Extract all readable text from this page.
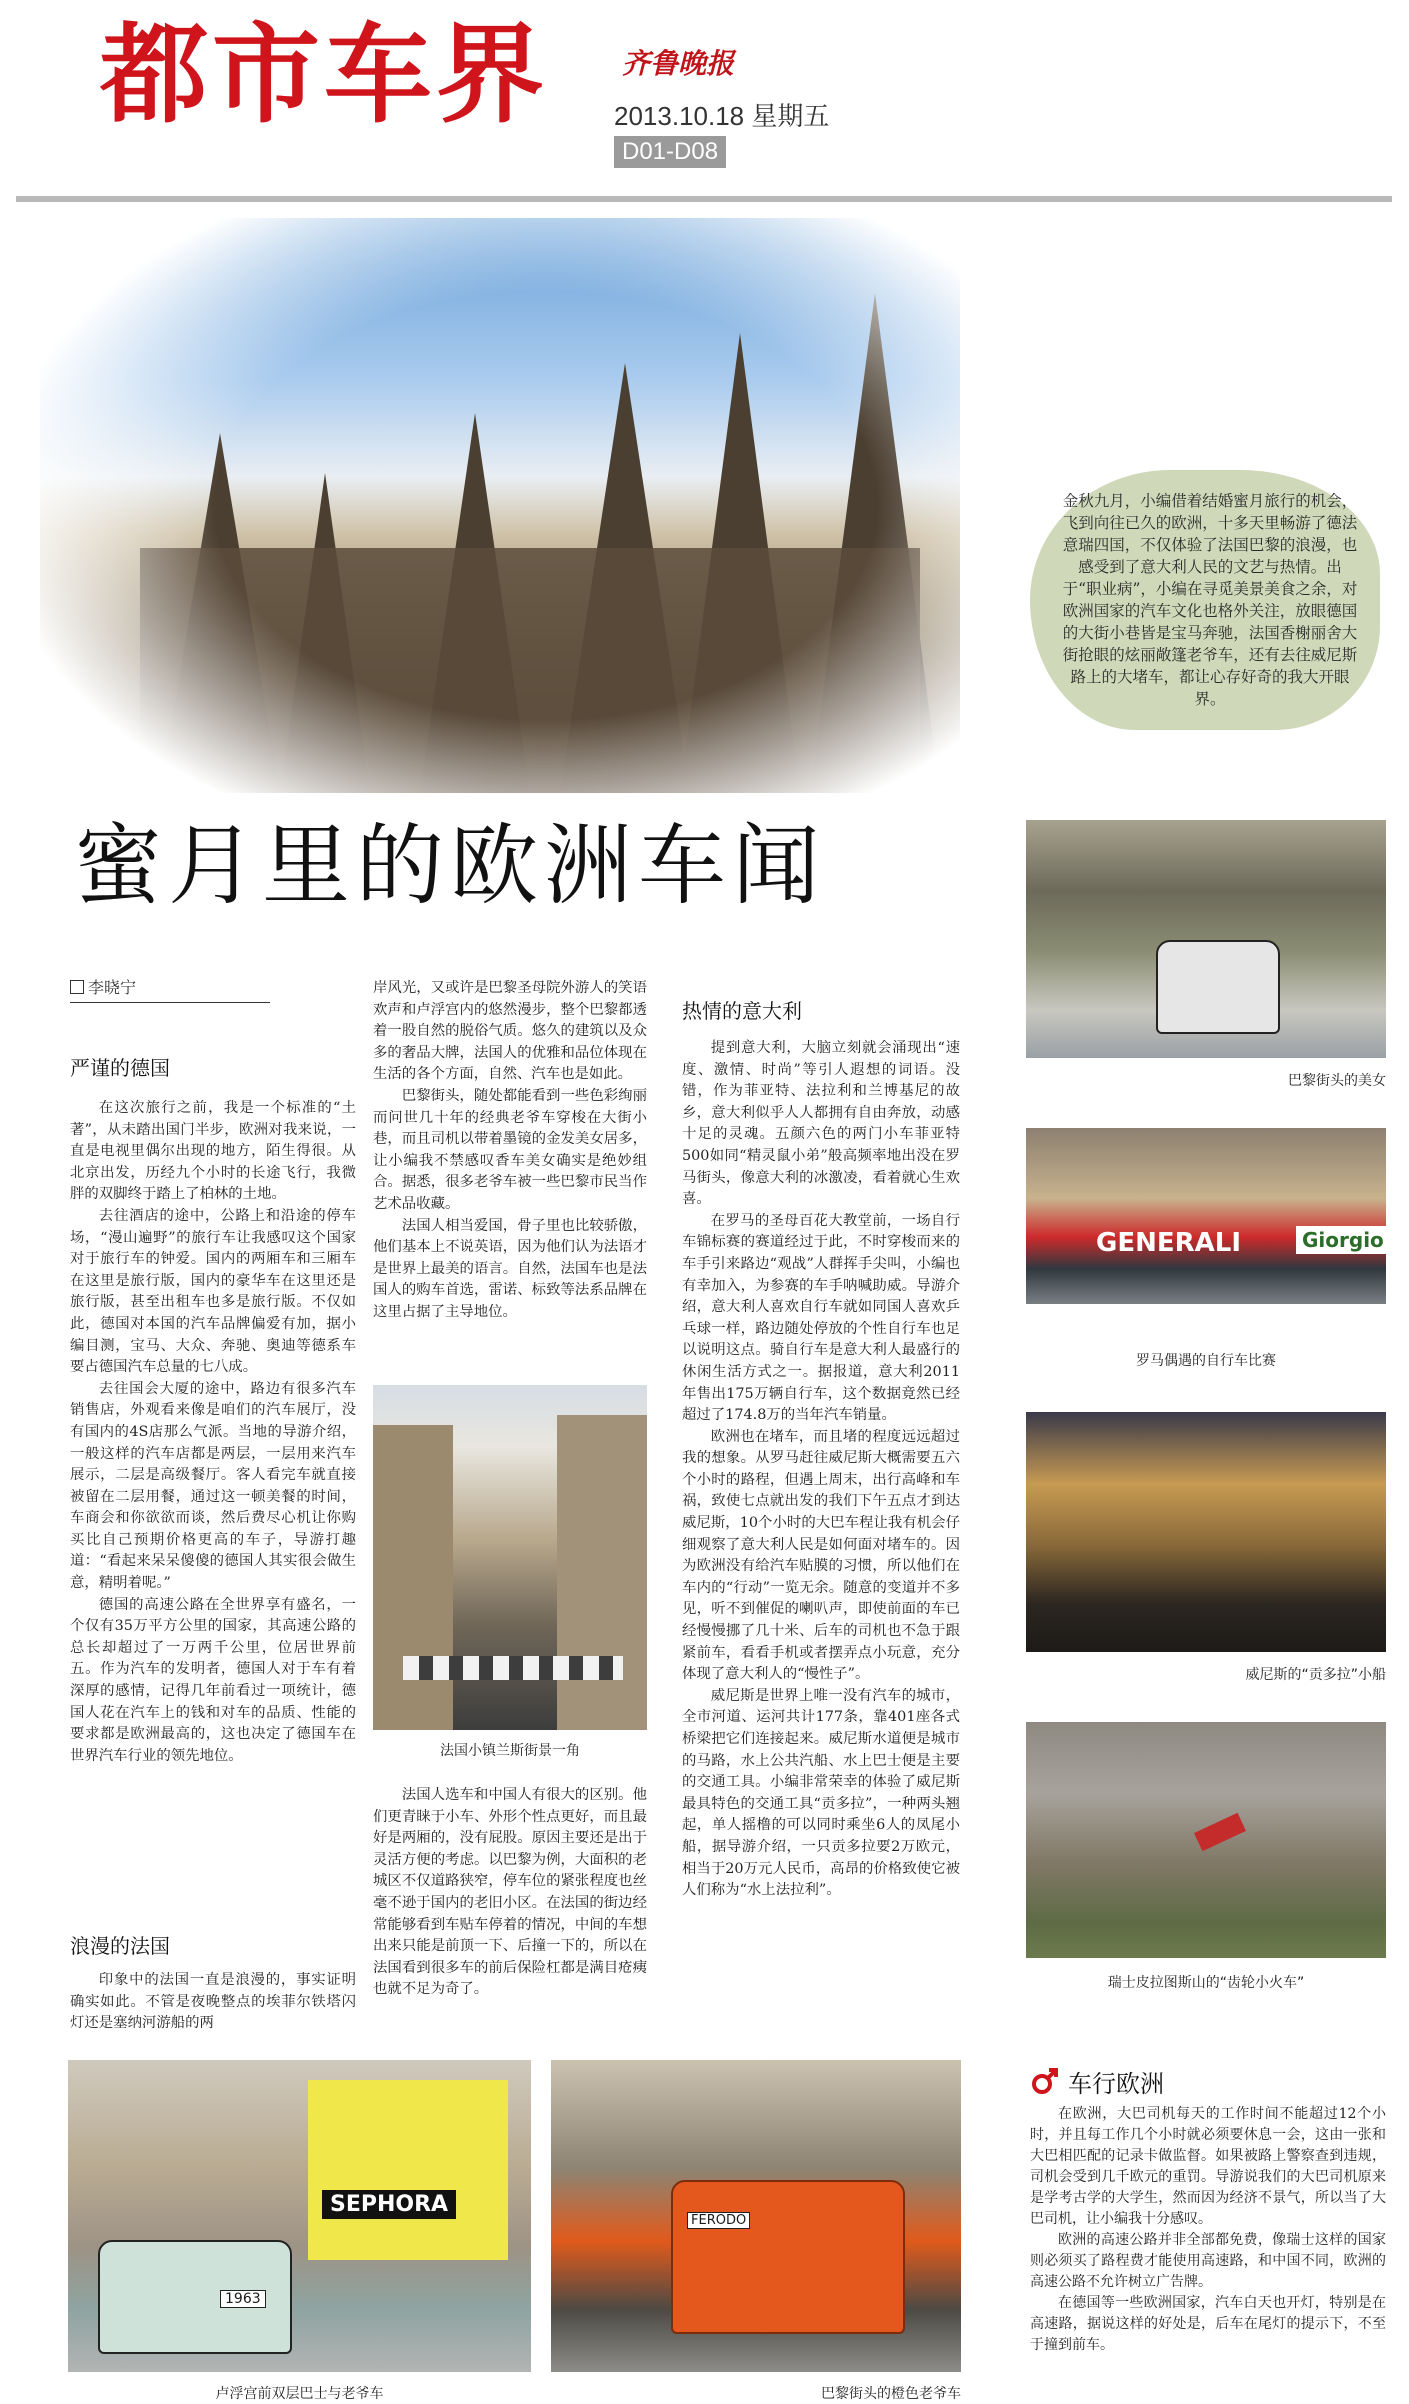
都市车界	齐鲁晚报
2013.10.18 星期五
D01-D08
金秋九月，小编借着结婚蜜月旅行的机会，飞到向往已久的欧洲，十多天里畅游了德法意瑞四国，不仅体验了法国巴黎的浪漫，也感受到了意大利人民的文艺与热情。出于“职业病”，小编在寻觅美景美食之余，对欧洲国家的汽车文化也格外关注，放眼德国的大街小巷皆是宝马奔驰，法国香榭丽舍大街抢眼的炫丽敞篷老爷车，还有去往威尼斯路上的大堵车，都让心存好奇的我大开眼界。
蜜月里的欧洲车闻
李晓宁
严谨的德国

在这次旅行之前，我是一个标准的“土著”，从未踏出国门半步，欧洲对我来说，一直是电视里偶尔出现的地方，陌生得很。从北京出发，历经九个小时的长途飞行，我微胖的双脚终于踏上了柏林的土地。

去往酒店的途中，公路上和沿途的停车场，“漫山遍野”的旅行车让我感叹这个国家对于旅行车的钟爱。国内的两厢车和三厢车在这里是旅行版，国内的豪华车在这里还是旅行版，甚至出租车也多是旅行版。不仅如此，德国对本国的汽车品牌偏爱有加，据小编目测，宝马、大众、奔驰、奥迪等德系车要占德国汽车总量的七八成。

去往国会大厦的途中，路边有很多汽车销售店，外观看来像是咱们的汽车展厅，没有国内的4S店那么气派。当地的导游介绍，一般这样的汽车店都是两层，一层用来汽车展示，二层是高级餐厅。客人看完车就直接被留在二层用餐，通过这一顿美餐的时间，车商会和你欲欲而谈，然后费尽心机让你购买比自己预期价格更高的车子，导游打趣道：“看起来呆呆傻傻的德国人其实很会做生意，精明着呢。”

德国的高速公路在全世界享有盛名，一个仅有35万平方公里的国家，其高速公路的总长却超过了一万两千公里，位居世界前五。作为汽车的发明者，德国人对于车有着深厚的感情，记得几年前看过一项统计，德国人花在汽车上的钱和对车的品质、性能的要求都是欧洲最高的，这也决定了德国车在世界汽车行业的领先地位。

浪漫的法国

印象中的法国一直是浪漫的，事实证明确实如此。不管是夜晚整点的埃菲尔铁塔闪灯还是塞纳河游船的两

岸风光，又或许是巴黎圣母院外游人的笑语欢声和卢浮宫内的悠然漫步，整个巴黎都透着一股自然的脱俗气质。悠久的建筑以及众多的奢品大牌，法国人的优雅和品位体现在生活的各个方面，自然、汽车也是如此。

巴黎街头，随处都能看到一些色彩绚丽而问世几十年的经典老爷车穿梭在大街小巷，而且司机以带着墨镜的金发美女居多，让小编我不禁感叹香车美女确实是绝妙组合。据悉，很多老爷车被一些巴黎市民当作艺术品收藏。

法国人相当爱国，骨子里也比较骄傲，他们基本上不说英语，因为他们认为法语才是世界上最美的语言。自然，法国车也是法国人的购车首选，雷诺、标致等法系品牌在这里占据了主导地位。

法国小镇兰斯街景一角

法国人选车和中国人有很大的区别。他们更青睐于小车、外形个性点更好，而且最好是两厢的，没有屁股。原因主要还是出于灵活方便的考虑。以巴黎为例，大面积的老城区不仅道路狭窄，停车位的紧张程度也丝毫不逊于国内的老旧小区。在法国的街边经常能够看到车贴车停着的情况，中间的车想出来只能是前顶一下、后撞一下的，所以在法国看到很多车的前后保险杠都是满目疮痍也就不足为奇了。

热情的意大利

提到意大利，大脑立刻就会涌现出“速度、激情、时尚”等引人遐想的词语。没错，作为菲亚特、法拉利和兰博基尼的故乡，意大利似乎人人都拥有自由奔放，动感十足的灵魂。五颜六色的两门小车菲亚特500如同“精灵鼠小弟”般高频率地出没在罗马街头，像意大利的冰激凌，看着就心生欢喜。

在罗马的圣母百花大教堂前，一场自行车锦标赛的赛道经过于此，不时穿梭而来的车手引来路边“观战”人群挥手尖叫，小编也有幸加入，为参赛的车手呐喊助威。导游介绍，意大利人喜欢自行车就如同国人喜欢乒乓球一样，路边随处停放的个性自行车也足以说明这点。骑自行车是意大利人最盛行的休闲生活方式之一。据报道，意大利2011年售出175万辆自行车，这个数据竟然已经超过了174.8万的当年汽车销量。

欧洲也在堵车，而且堵的程度远远超过我的想象。从罗马赶往威尼斯大概需要五六个小时的路程，但遇上周末，出行高峰和车祸，致使七点就出发的我们下午五点才到达威尼斯，10个小时的大巴车程让我有机会仔细观察了意大利人民是如何面对堵车的。因为欧洲没有给汽车贴膜的习惯，所以他们在车内的“行动”一览无余。随意的变道并不多见，听不到催促的喇叭声，即使前面的车已经慢慢挪了几十米、后车的司机也不急于跟紧前车，看看手机或者摆弄点小玩意，充分体现了意大利人的“慢性子”。

威尼斯是世界上唯一没有汽车的城市，全市河道、运河共计177条，靠401座各式桥梁把它们连接起来。威尼斯水道便是城市的马路，水上公共汽船、水上巴士便是主要的交通工具。小编非常荣幸的体验了威尼斯最具特色的交通工具“贡多拉”，一种两头翘起，单人摇橹的可以同时乘坐6人的凤尾小船，据导游介绍，一只贡多拉要2万欧元，相当于20万元人民币，高昂的价格致使它被人们称为“水上法拉利”。

巴黎街头的美女
GENERALI	Giorgio
罗马偶遇的自行车比赛
威尼斯的“贡多拉”小船
瑞士皮拉图斯山的“齿轮小火车”
SEPHORA
1963
卢浮宫前双层巴士与老爷车
FERODO
巴黎街头的橙色老爷车
车行欧洲

在欧洲，大巴司机每天的工作时间不能超过12个小时，并且每工作几个小时就必须要休息一会，这由一张和大巴相匹配的记录卡做监督。如果被路上警察查到违规，司机会受到几千欧元的重罚。导游说我们的大巴司机原来是学考古学的大学生，然而因为经济不景气，所以当了大巴司机，让小编我十分感叹。

欧洲的高速公路并非全部都免费，像瑞士这样的国家则必须买了路程费才能使用高速路，和中国不同，欧洲的高速公路不允许树立广告牌。

在德国等一些欧洲国家，汽车白天也开灯，特别是在高速路，据说这样的好处是，后车在尾灯的提示下，不至于撞到前车。
